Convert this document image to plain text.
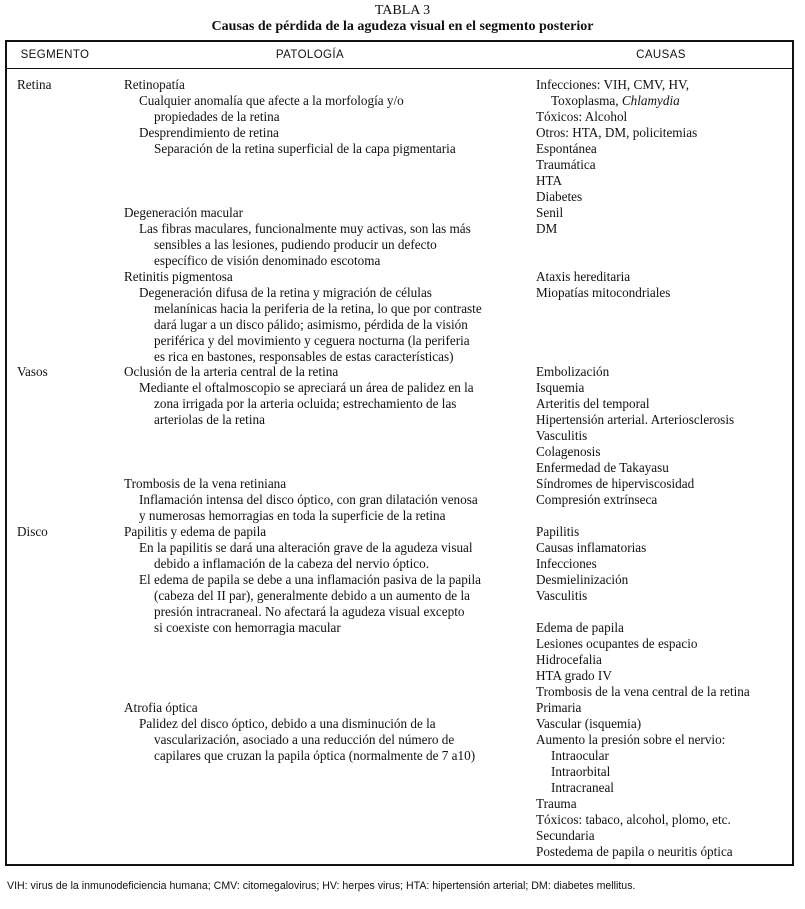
TABLA 3
Causas de pérdida de la agudeza visual en el segmento posterior
SEGMENTO	PATOLOGÍA	CAUSAS
Retina
Vasos
Disco
Retinopatía
Cualquier anomalía que afecte a la morfología y/o
propiedades de la retina
Desprendimiento de retina
Separación de la retina superficial de la capa pigmentaria
Degeneración macular
Las fibras maculares, funcionalmente muy activas, son las más
sensibles a las lesiones, pudiendo producir un defecto
específico de visión denominado escotoma
Retinitis pigmentosa
Degeneración difusa de la retina y migración de células
melanínicas hacia la periferia de la retina, lo que por contraste
dará lugar a un disco pálido; asimismo, pérdida de la visión
periférica y del movimiento y ceguera nocturna (la periferia
es rica en bastones, responsables de estas características)
Oclusión de la arteria central de la retina
Mediante el oftalmoscopio se apreciará un área de palidez en la
zona irrigada por la arteria ocluida; estrechamiento de las
arteriolas de la retina
Trombosis de la vena retiniana
Inflamación intensa del disco óptico, con gran dilatación venosa
y numerosas hemorragias en toda la superficie de la retina
Papilitis y edema de papila
En la papilitis se dará una alteración grave de la agudeza visual
debido a inflamación de la cabeza del nervio óptico.
El edema de papila se debe a una inflamación pasiva de la papila
(cabeza del II par), generalmente debido a un aumento de la
presión intracraneal. No afectará la agudeza visual excepto
si coexiste con hemorragia macular
Atrofia óptica
Palidez del disco óptico, debido a una disminución de la
vascularización, asociado a una reducción del número de
capilares que cruzan la papila óptica (normalmente de 7 a10)
Infecciones: VIH, CMV, HV,
Toxoplasma, Chlamydia
Tóxicos: Alcohol
Otros: HTA, DM, policitemias
Espontánea
Traumática
HTA
Diabetes
Senil
DM
Ataxis hereditaria
Miopatías mitocondriales
Embolización
Isquemia
Arteritis del temporal
Hipertensión arterial. Arteriosclerosis
Vasculitis
Colagenosis
Enfermedad de Takayasu
Síndromes de hiperviscosidad
Compresión extrínseca
Papilitis
Causas inflamatorias
Infecciones
Desmielinización
Vasculitis
Edema de papila
Lesiones ocupantes de espacio
Hidrocefalia
HTA grado IV
Trombosis de la vena central de la retina
Primaria
Vascular (isquemia)
Aumento la presión sobre el nervio:
Intraocular
Intraorbital
Intracraneal
Trauma
Tóxicos: tabaco, alcohol, plomo, etc.
Secundaria
Postedema de papila o neuritis óptica
VIH: virus de la inmunodeficiencia humana; CMV: citomegalovirus; HV: herpes virus; HTA: hipertensión arterial; DM: diabetes mellitus.
